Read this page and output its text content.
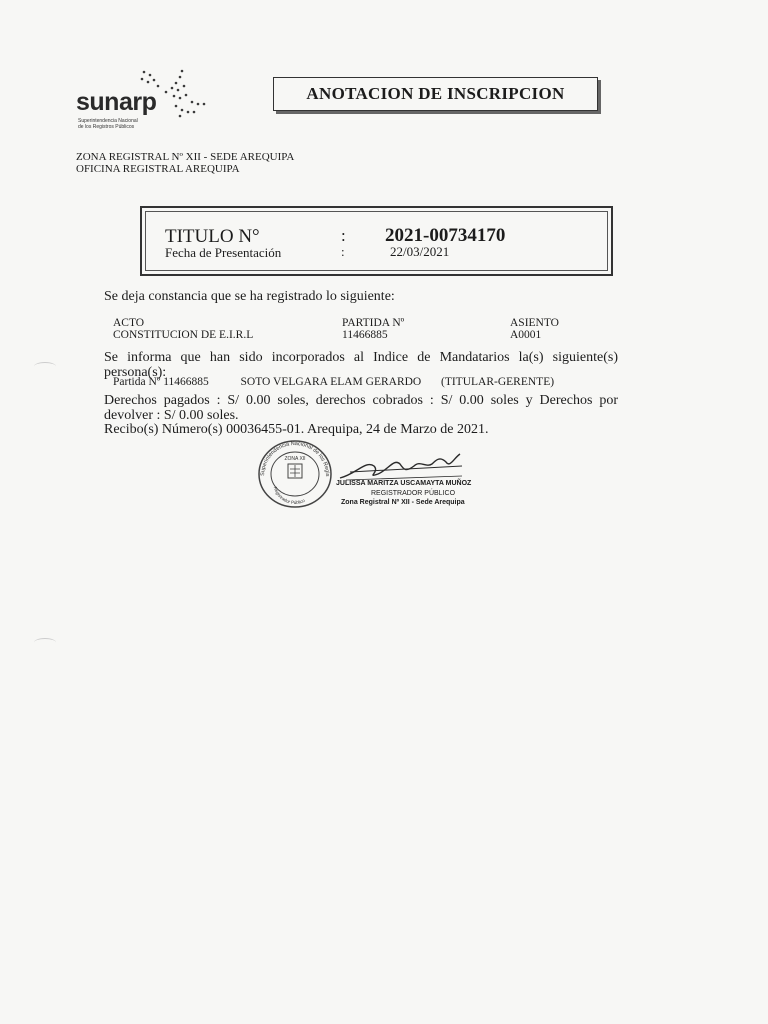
sunarp
Superintendencia Nacional
de los Registros Públicos
ANOTACION DE INSCRIPCION
ZONA REGISTRAL Nº XII - SEDE AREQUIPA
OFICINA REGISTRAL AREQUIPA
TITULO N°
Fecha de Presentación
:
:
2021-00734170
22/03/2021
Se deja constancia que se ha registrado lo siguiente:
ACTO
CONSTITUCION DE E.I.R.L
PARTIDA Nº
11466885
ASIENTO
A0001
Se informa que han sido incorporados al Indice de Mandatarios la(s) siguiente(s) persona(s):
Partida Nº 11466885	SOTO VELGARA ELAM GERARDO (TITULAR-GERENTE)
Derechos pagados : S/ 0.00 soles, derechos cobrados : S/ 0.00 soles y Derechos por devolver : S/ 0.00 soles.
Recibo(s) Número(s) 00036455-01. Arequipa, 24 de Marzo de 2021.
Superintendencia Nacional de los Regis
ZONA XII
Registrador Público
JULISSA MARITZA USCAMAYTA MUÑOZ
REGISTRADOR PÚBLICO
Zona Registral Nº XII - Sede Arequipa
